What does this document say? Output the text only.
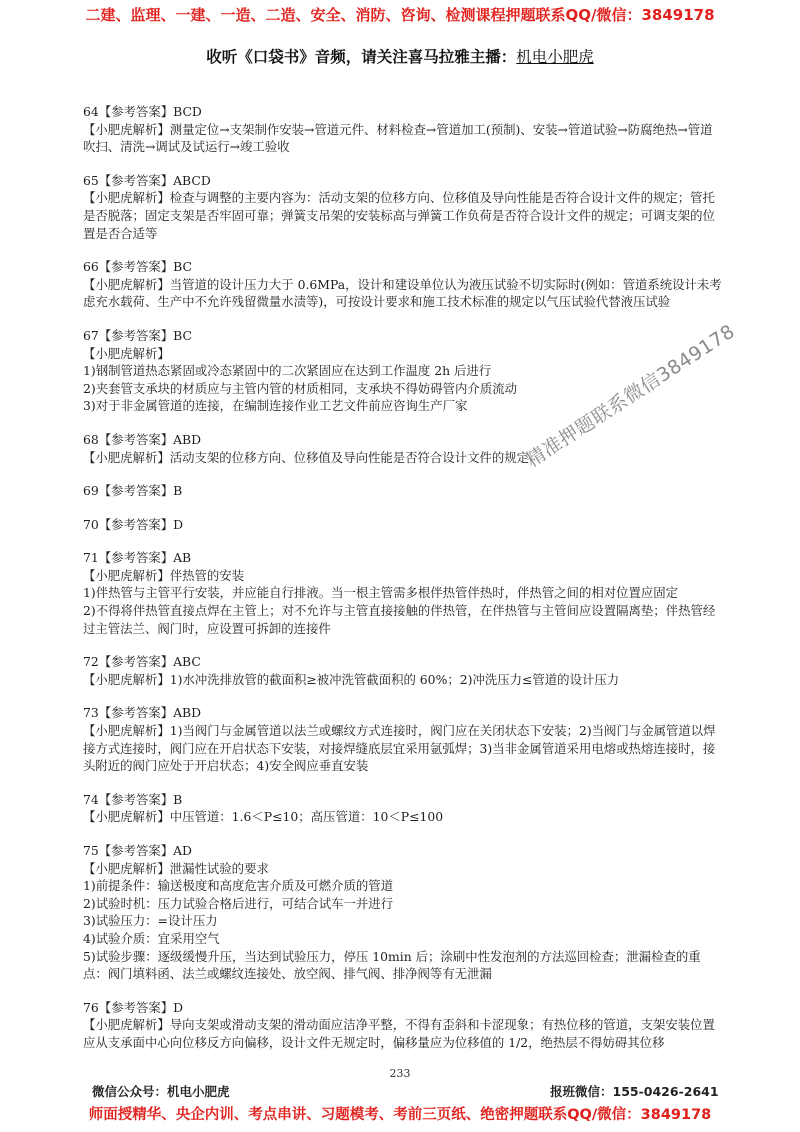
二建、监理、一建、一造、二造、安全、消防、咨询、检测课程押题联系QQ/微信：3849178
收听《口袋书》音频，请关注喜马拉雅主播：机电小肥虎

64【参考答案】BCD

【小肥虎解析】测量定位→支架制作安装→管道元件、材料检查→管道加工(预制)、安装→管道试验→防腐绝热→管道吹扫、清洗→调试及试运行→竣工验收

65【参考答案】ABCD

【小肥虎解析】检查与调整的主要内容为：活动支架的位移方向、位移值及导向性能是否符合设计文件的规定；管托是否脱落；固定支架是否牢固可靠；弹簧支吊架的安装标高与弹簧工作负荷是否符合设计文件的规定；可调支架的位置是否合适等

66【参考答案】BC

【小肥虎解析】当管道的设计压力大于 0.6MPa，设计和建设单位认为液压试验不切实际时(例如：管道系统设计未考虑充水载荷、生产中不允许残留微量水渍等)，可按设计要求和施工技术标准的规定以气压试验代替液压试验

67【参考答案】BC

【小肥虎解析】

1)钢制管道热态紧固或冷态紧固中的二次紧固应在达到工作温度 2h 后进行

2)夹套管支承块的材质应与主管内管的材质相同，支承块不得妨碍管内介质流动

3)对于非金属管道的连接，在编制连接作业工艺文件前应咨询生产厂家

68【参考答案】ABD

【小肥虎解析】活动支架的位移方向、位移值及导向性能是否符合设计文件的规定

69【参考答案】B

70【参考答案】D

71【参考答案】AB

【小肥虎解析】伴热管的安装

1)伴热管与主管平行安装，并应能自行排液。当一根主管需多根伴热管伴热时，伴热管之间的相对位置应固定

2)不得将伴热管直接点焊在主管上；对不允许与主管直接接触的伴热管，在伴热管与主管间应设置隔离垫；伴热管经过主管法兰、阀门时，应设置可拆卸的连接件

72【参考答案】ABC

【小肥虎解析】1)水冲洗排放管的截面积≥被冲洗管截面积的 60%；2)冲洗压力≤管道的设计压力

73【参考答案】ABD

【小肥虎解析】1)当阀门与金属管道以法兰或螺纹方式连接时，阀门应在关闭状态下安装；2)当阀门与金属管道以焊接方式连接时，阀门应在开启状态下安装，对接焊缝底层宜采用氩弧焊；3)当非金属管道采用电熔或热熔连接时，接头附近的阀门应处于开启状态；4)安全阀应垂直安装

74【参考答案】B

【小肥虎解析】中压管道：1.6＜P≤10；高压管道：10＜P≤100

75【参考答案】AD

【小肥虎解析】泄漏性试验的要求

1)前提条件：输送极度和高度危害介质及可燃介质的管道

2)试验时机：压力试验合格后进行，可结合试车一并进行

3)试验压力：=设计压力

4)试验介质：宜采用空气

5)试验步骤：逐级缓慢升压，当达到试验压力，停压 10min 后；涂刷中性发泡剂的方法巡回检查；泄漏检查的重点：阀门填料函、法兰或螺纹连接处、放空阀、排气阀、排净阀等有无泄漏

76【参考答案】D

【小肥虎解析】导向支架或滑动支架的滑动面应洁净平整，不得有歪斜和卡涩现象；有热位移的管道，支架安装位置应从支承面中心向位移反方向偏移，设计文件无规定时，偏移量应为位移值的 1/2，绝热层不得妨碍其位移

精准押题联系微信3849178
233
微信公众号：机电小肥虎	报班微信：155-0426-2641
师面授精华、央企内训、考点串讲、习题模考、考前三页纸、绝密押题联系QQ/微信：3849178
